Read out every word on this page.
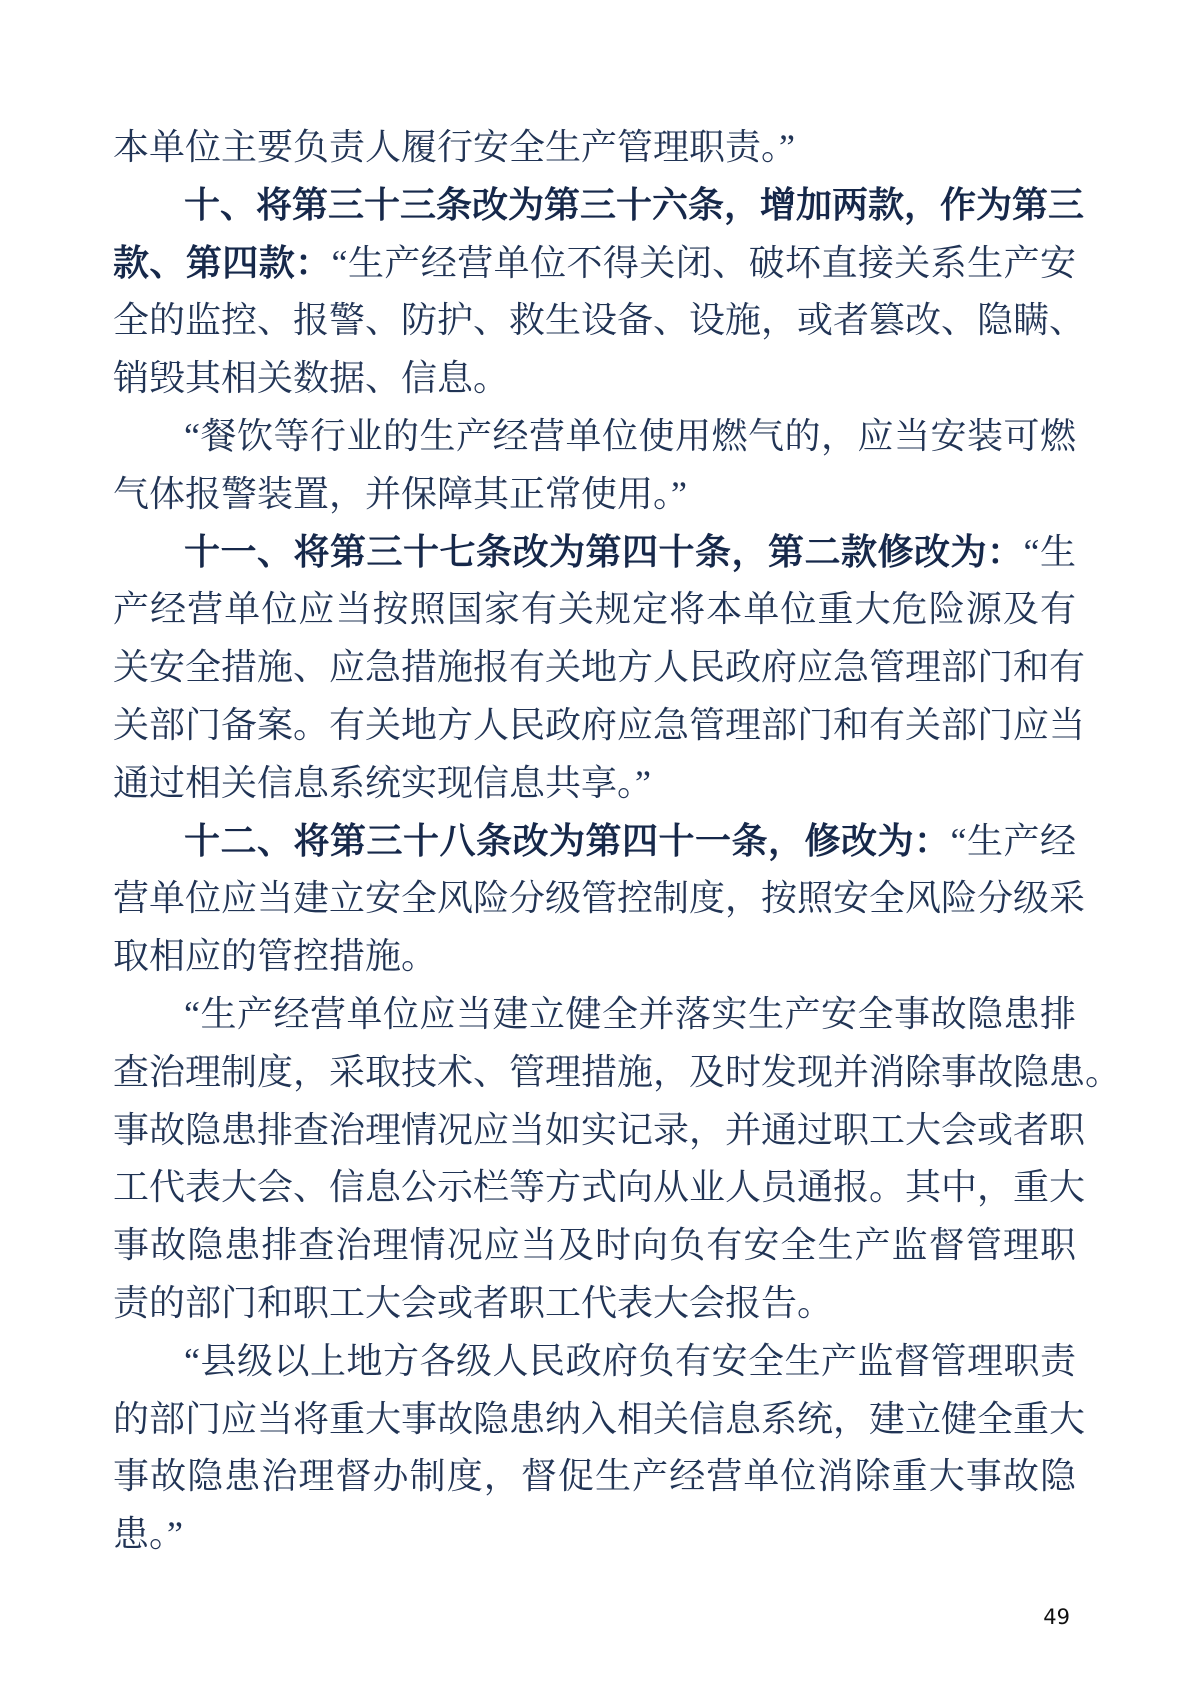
本单位主要负责人履行安全生产管理职责。”
十、将第三十三条改为第三十六条，增加两款，作为第三
款、第四款：“生产经营单位不得关闭、破坏直接关系生产安
全的监控、报警、防护、救生设备、设施，或者篡改、隐瞒、
销毁其相关数据、信息。
“餐饮等行业的生产经营单位使用燃气的，应当安装可燃
气体报警装置，并保障其正常使用。”
十一、将第三十七条改为第四十条，第二款修改为：“生
产经营单位应当按照国家有关规定将本单位重大危险源及有
关安全措施、应急措施报有关地方人民政府应急管理部门和有
关部门备案。有关地方人民政府应急管理部门和有关部门应当
通过相关信息系统实现信息共享。”
十二、将第三十八条改为第四十一条，修改为：“生产经
营单位应当建立安全风险分级管控制度，按照安全风险分级采
取相应的管控措施。
“生产经营单位应当建立健全并落实生产安全事故隐患排
查治理制度，采取技术、管理措施，及时发现并消除事故隐患。
事故隐患排查治理情况应当如实记录，并通过职工大会或者职
工代表大会、信息公示栏等方式向从业人员通报。其中，重大
事故隐患排查治理情况应当及时向负有安全生产监督管理职
责的部门和职工大会或者职工代表大会报告。
“县级以上地方各级人民政府负有安全生产监督管理职责
的部门应当将重大事故隐患纳入相关信息系统，建立健全重大
事故隐患治理督办制度，督促生产经营单位消除重大事故隐
患。”
49
